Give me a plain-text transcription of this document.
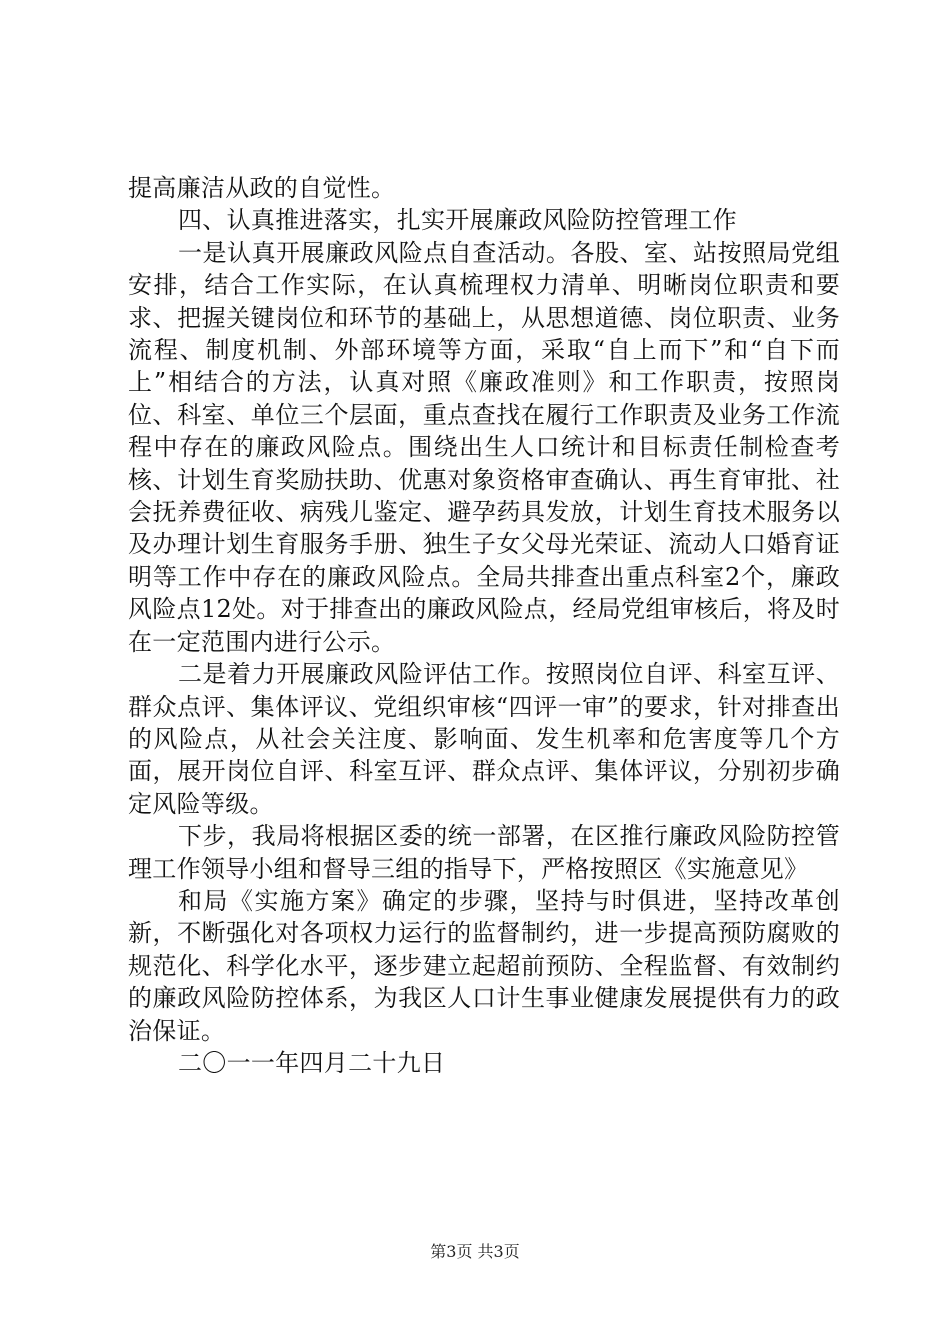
提高廉洁从政的自觉性。

四、认真推进落实，扎实开展廉政风险防控管理工作

一是认真开展廉政风险点自查活动。各股、室、站按照局党组安排，结合工作实际，在认真梳理权力清单、明晰岗位职责和要求、把握关键岗位和环节的基础上，从思想道德、岗位职责、业务流程、制度机制、外部环境等方面，采取“自上而下”和“自下而上”相结合的方法，认真对照《廉政准则》和工作职责，按照岗位、科室、单位三个层面，重点查找在履行工作职责及业务工作流程中存在的廉政风险点。围绕出生人口统计和目标责任制检查考核、计划生育奖励扶助、优惠对象资格审查确认、再生育审批、社会抚养费征收、病残儿鉴定、避孕药具发放，计划生育技术服务以及办理计划生育服务手册、独生子女父母光荣证、流动人口婚育证明等工作中存在的廉政风险点。全局共排查出重点科室2个，廉政风险点12处。对于排查出的廉政风险点，经局党组审核后，将及时在一定范围内进行公示。

二是着力开展廉政风险评估工作。按照岗位自评、科室互评、群众点评、集体评议、党组织审核“四评一审”的要求，针对排查出的风险点，从社会关注度、影响面、发生机率和危害度等几个方面，展开岗位自评、科室互评、群众点评、集体评议，分别初步确定风险等级。

下步，我局将根据区委的统一部署，在区推行廉政风险防控管理工作领导小组和督导三组的指导下，严格按照区《实施意见》

和局《实施方案》确定的步骤，坚持与时俱进，坚持改革创新，不断强化对各项权力运行的监督制约，进一步提高预防腐败的规范化、科学化水平，逐步建立起超前预防、全程监督、有效制约的廉政风险防控体系，为我区人口计生事业健康发展提供有力的政治保证。

二〇一一年四月二十九日

第3页 共3页
